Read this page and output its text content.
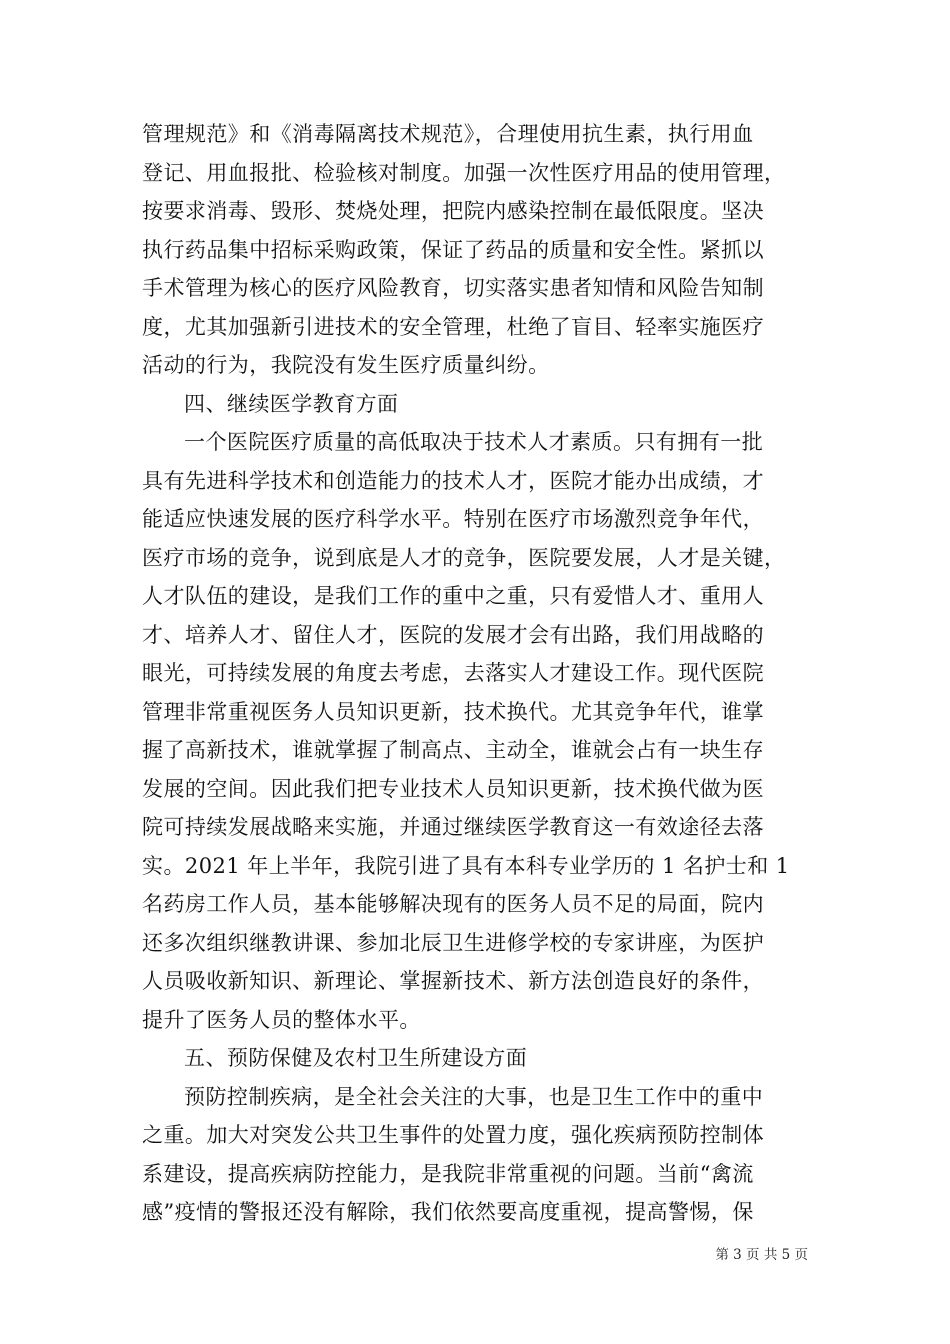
管理规范》和《消毒隔离技术规范》，合理使用抗生素，执行用血
登记、用血报批、检验核对制度。加强一次性医疗用品的使用管理，
按要求消毒、毁形、焚烧处理，把院内感染控制在最低限度。坚决
执行药品集中招标采购政策，保证了药品的质量和安全性。紧抓以
手术管理为核心的医疗风险教育，切实落实患者知情和风险告知制
度，尤其加强新引进技术的安全管理，杜绝了盲目、轻率实施医疗
活动的行为，我院没有发生医疗质量纠纷。
四、继续医学教育方面
一个医院医疗质量的高低取决于技术人才素质。只有拥有一批
具有先进科学技术和创造能力的技术人才，医院才能办出成绩，才
能适应快速发展的医疗科学水平。特别在医疗市场激烈竞争年代，
医疗市场的竞争，说到底是人才的竞争，医院要发展，人才是关键，
人才队伍的建设，是我们工作的重中之重，只有爱惜人才、重用人
才、培养人才、留住人才，医院的发展才会有出路，我们用战略的
眼光，可持续发展的角度去考虑，去落实人才建设工作。现代医院
管理非常重视医务人员知识更新，技术换代。尤其竞争年代，谁掌
握了高新技术，谁就掌握了制高点、主动全，谁就会占有一块生存
发展的空间。因此我们把专业技术人员知识更新，技术换代做为医
院可持续发展战略来实施，并通过继续医学教育这一有效途径去落
实。2021 年上半年，我院引进了具有本科专业学历的 1 名护士和 1
名药房工作人员，基本能够解决现有的医务人员不足的局面，院内
还多次组织继教讲课、参加北辰卫生进修学校的专家讲座，为医护
人员吸收新知识、新理论、掌握新技术、新方法创造良好的条件，
提升了医务人员的整体水平。
五、预防保健及农村卫生所建设方面
预防控制疾病，是全社会关注的大事，也是卫生工作中的重中
之重。加大对突发公共卫生事件的处置力度，强化疾病预防控制体
系建设，提高疾病防控能力，是我院非常重视的问题。当前“禽流
感”疫情的警报还没有解除，我们依然要高度重视，提高警惕，保
第 3 页 共 5 页
